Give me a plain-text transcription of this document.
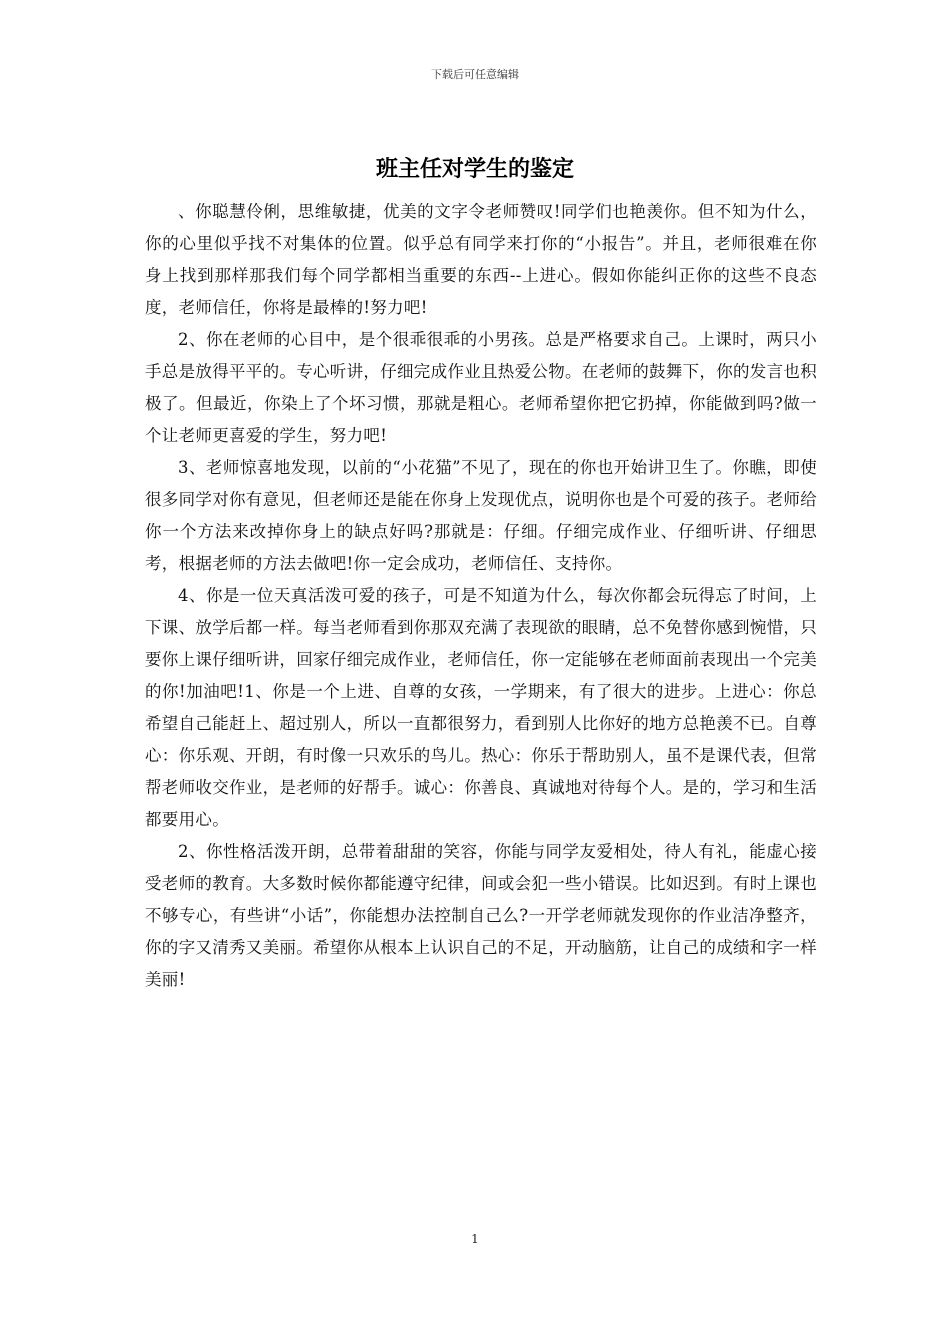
下载后可任意编辑
班主任对学生的鉴定

、你聪慧伶俐，思维敏捷，优美的文字令老师赞叹!同学们也艳羡你。但不知为什么，你的心里似乎找不对集体的位置。似乎总有同学来打你的“小报告”。并且，老师很难在你身上找到那样那我们每个同学都相当重要的东西--上进心。假如你能纠正你的这些不良态度，老师信任，你将是最棒的!努力吧!

2、你在老师的心目中，是个很乖很乖的小男孩。总是严格要求自己。上课时，两只小手总是放得平平的。专心听讲，仔细完成作业且热爱公物。在老师的鼓舞下，你的发言也积极了。但最近，你染上了个坏习惯，那就是粗心。老师希望你把它扔掉，你能做到吗?做一个让老师更喜爱的学生，努力吧!

3、老师惊喜地发现，以前的“小花猫”不见了，现在的你也开始讲卫生了。你瞧，即使很多同学对你有意见，但老师还是能在你身上发现优点，说明你也是个可爱的孩子。老师给你一个方法来改掉你身上的缺点好吗?那就是：仔细。仔细完成作业、仔细听讲、仔细思考，根据老师的方法去做吧!你一定会成功，老师信任、支持你。

4、你是一位天真活泼可爱的孩子，可是不知道为什么，每次你都会玩得忘了时间，上下课、放学后都一样。每当老师看到你那双充满了表现欲的眼睛，总不免替你感到惋惜，只要你上课仔细听讲，回家仔细完成作业，老师信任，你一定能够在老师面前表现出一个完美的你!加油吧!1、你是一个上进、自尊的女孩，一学期来，有了很大的进步。上进心：你总希望自己能赶上、超过别人，所以一直都很努力，看到别人比你好的地方总艳羡不已。自尊心：你乐观、开朗，有时像一只欢乐的鸟儿。热心：你乐于帮助别人，虽不是课代表，但常帮老师收交作业，是老师的好帮手。诚心：你善良、真诚地对待每个人。是的，学习和生活都要用心。

2、你性格活泼开朗，总带着甜甜的笑容，你能与同学友爱相处，待人有礼，能虚心接受老师的教育。大多数时候你都能遵守纪律，间或会犯一些小错误。比如迟到。有时上课也不够专心，有些讲“小话”，你能想办法控制自己么?一开学老师就发现你的作业洁净整齐，你的字又清秀又美丽。希望你从根本上认识自己的不足，开动脑筋，让自己的成绩和字一样美丽!

1
